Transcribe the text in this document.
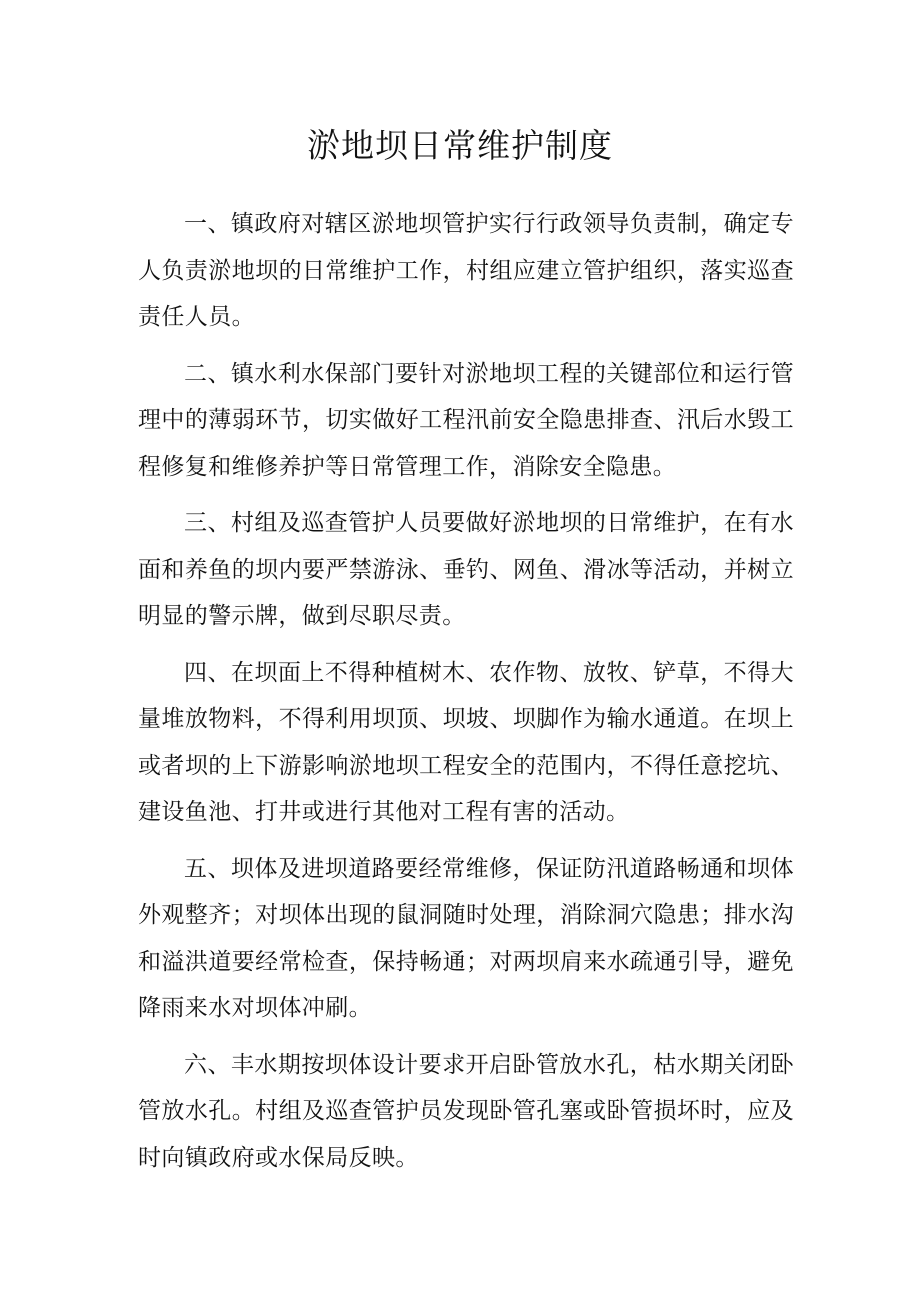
淤地坝日常维护制度

一、镇政府对辖区淤地坝管护实行行政领导负责制，确定专人负责淤地坝的日常维护工作，村组应建立管护组织，落实巡查责任人员。

二、镇水利水保部门要针对淤地坝工程的关键部位和运行管理中的薄弱环节，切实做好工程汛前安全隐患排查、汛后水毁工程修复和维修养护等日常管理工作，消除安全隐患。

三、村组及巡查管护人员要做好淤地坝的日常维护，在有水面和养鱼的坝内要严禁游泳、垂钓、网鱼、滑冰等活动，并树立明显的警示牌，做到尽职尽责。

四、在坝面上不得种植树木、农作物、放牧、铲草，不得大量堆放物料，不得利用坝顶、坝坡、坝脚作为输水通道。在坝上或者坝的上下游影响淤地坝工程安全的范围内，不得任意挖坑、建设鱼池、打井或进行其他对工程有害的活动。

五、坝体及进坝道路要经常维修，保证防汛道路畅通和坝体外观整齐；对坝体出现的鼠洞随时处理，消除洞穴隐患；排水沟和溢洪道要经常检查，保持畅通；对两坝肩来水疏通引导，避免降雨来水对坝体冲刷。

六、丰水期按坝体设计要求开启卧管放水孔，枯水期关闭卧管放水孔。村组及巡查管护员发现卧管孔塞或卧管损坏时，应及时向镇政府或水保局反映。
